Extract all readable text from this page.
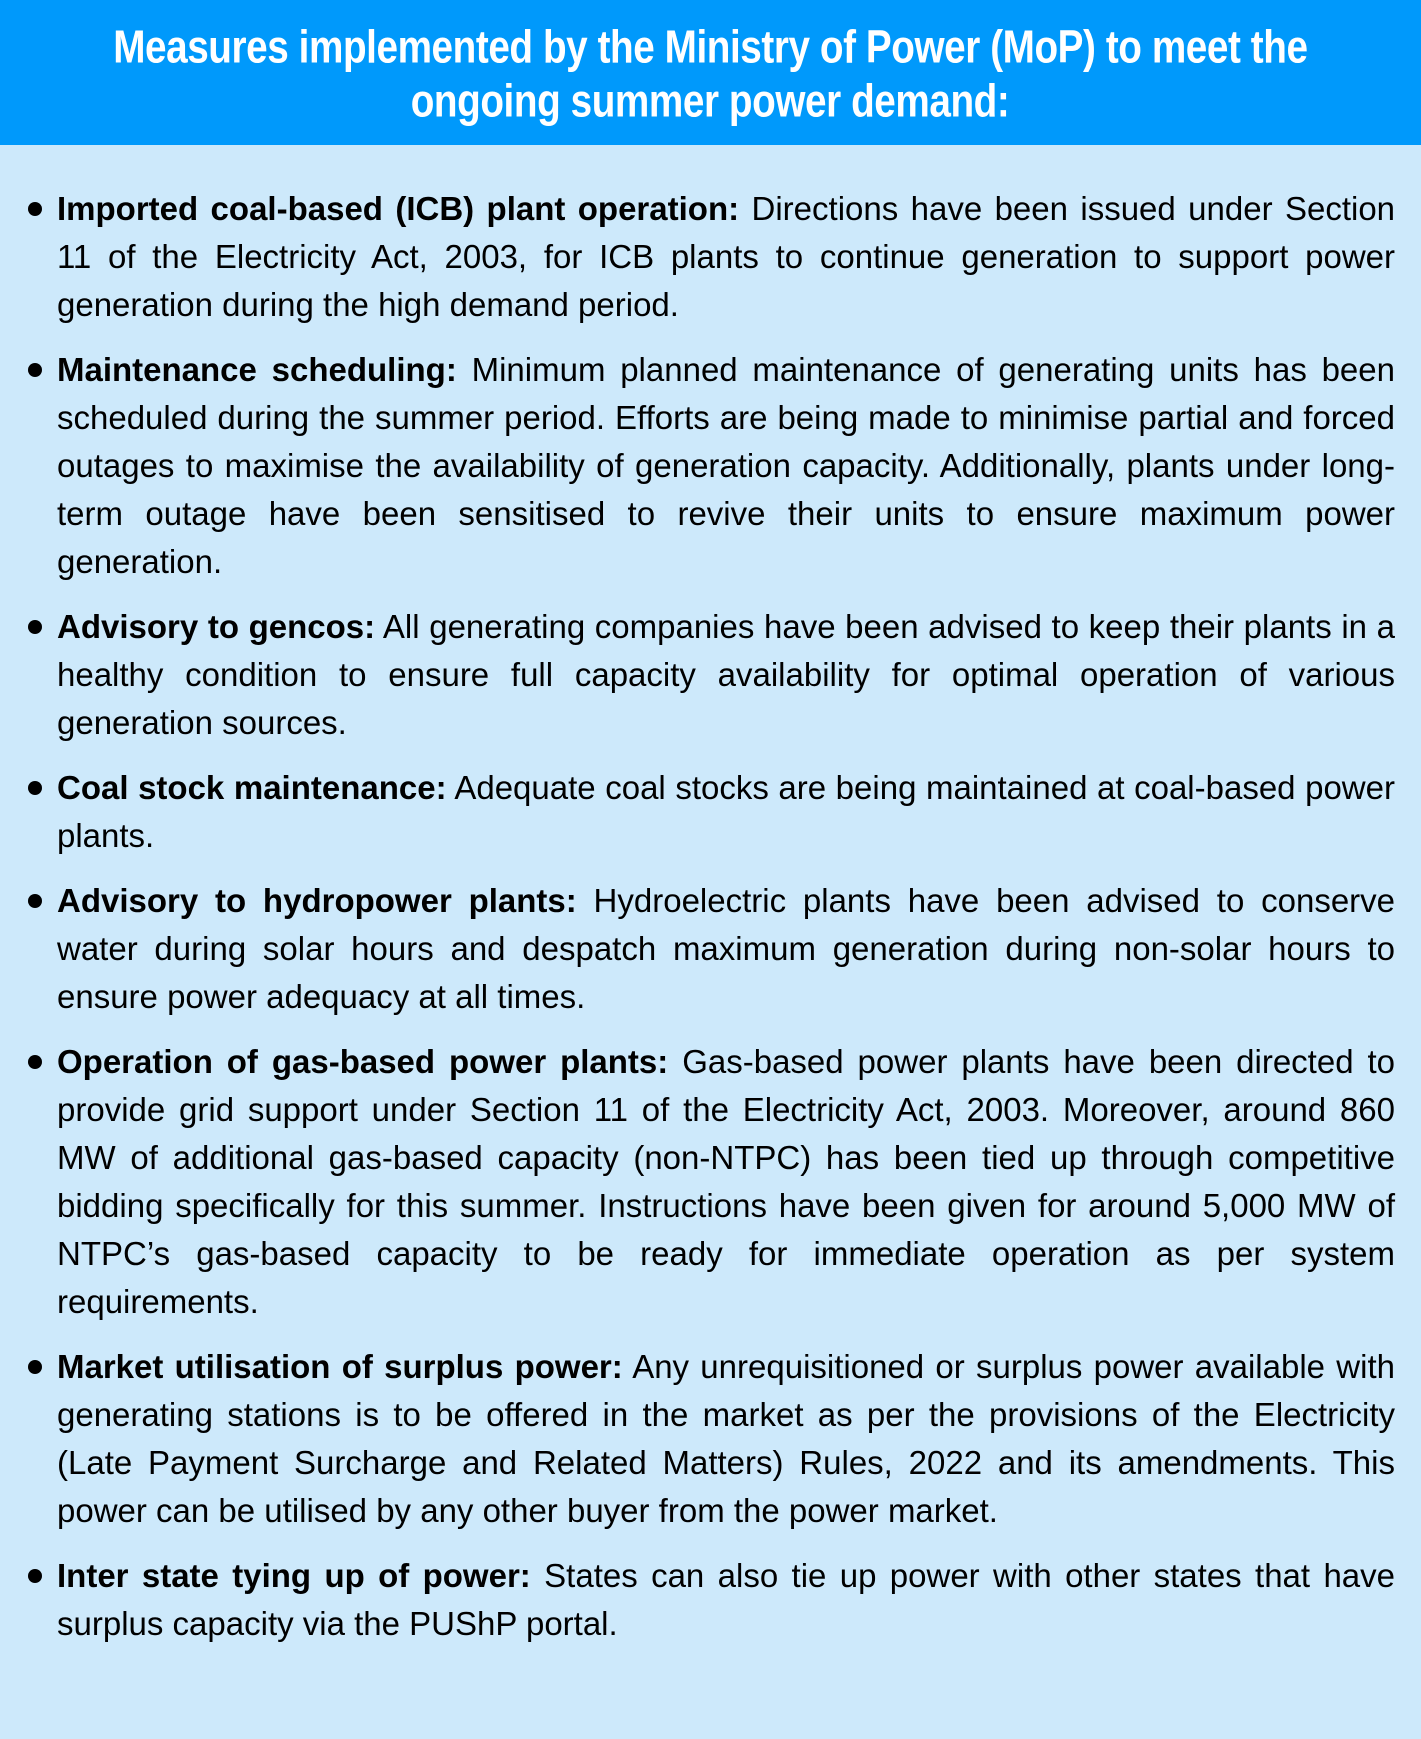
Measures implemented by the Ministry of Power (MoP) to meet the
ongoing summer power demand:
Imported coal-based (ICB) plant operation: Directions have been issued under Section 11 of the Electricity Act, 2003, for ICB plants to continue generation to support power generation during the high demand period.
Maintenance scheduling: Minimum planned maintenance of generating units has been scheduled during the summer period. Efforts are being made to minimise partial and forced outages to maximise the availability of generation capacity. Additionally, plants under long-term outage have been sensitised to revive their units to ensure maximum power generation.
Advisory to gencos: All generating companies have been advised to keep their plants in a healthy condition to ensure full capacity availability for optimal operation of various generation sources.
Coal stock maintenance: Adequate coal stocks are being maintained at coal-based power plants.
Advisory to hydropower plants: Hydroelectric plants have been advised to conserve water during solar hours and despatch maximum generation during non-solar hours to ensure power adequacy at all times.
Operation of gas-based power plants: Gas-based power plants have been directed to provide grid support under Section 11 of the Electricity Act, 2003. Moreover, around 860 MW of additional gas-based capacity (non-NTPC) has been tied up through competitive bidding specifically for this summer. Instructions have been given for around 5,000 MW of NTPC’s gas-based capacity to be ready for immediate operation as per system requirements.
Market utilisation of surplus power: Any unrequisitioned or surplus power available with generating stations is to be offered in the market as per the provisions of the Electricity (Late Payment Surcharge and Related Matters) Rules, 2022 and its amendments. This power can be utilised by any other buyer from the power market.
Inter state tying up of power: States can also tie up power with other states that have surplus capacity via the PUShP portal.
